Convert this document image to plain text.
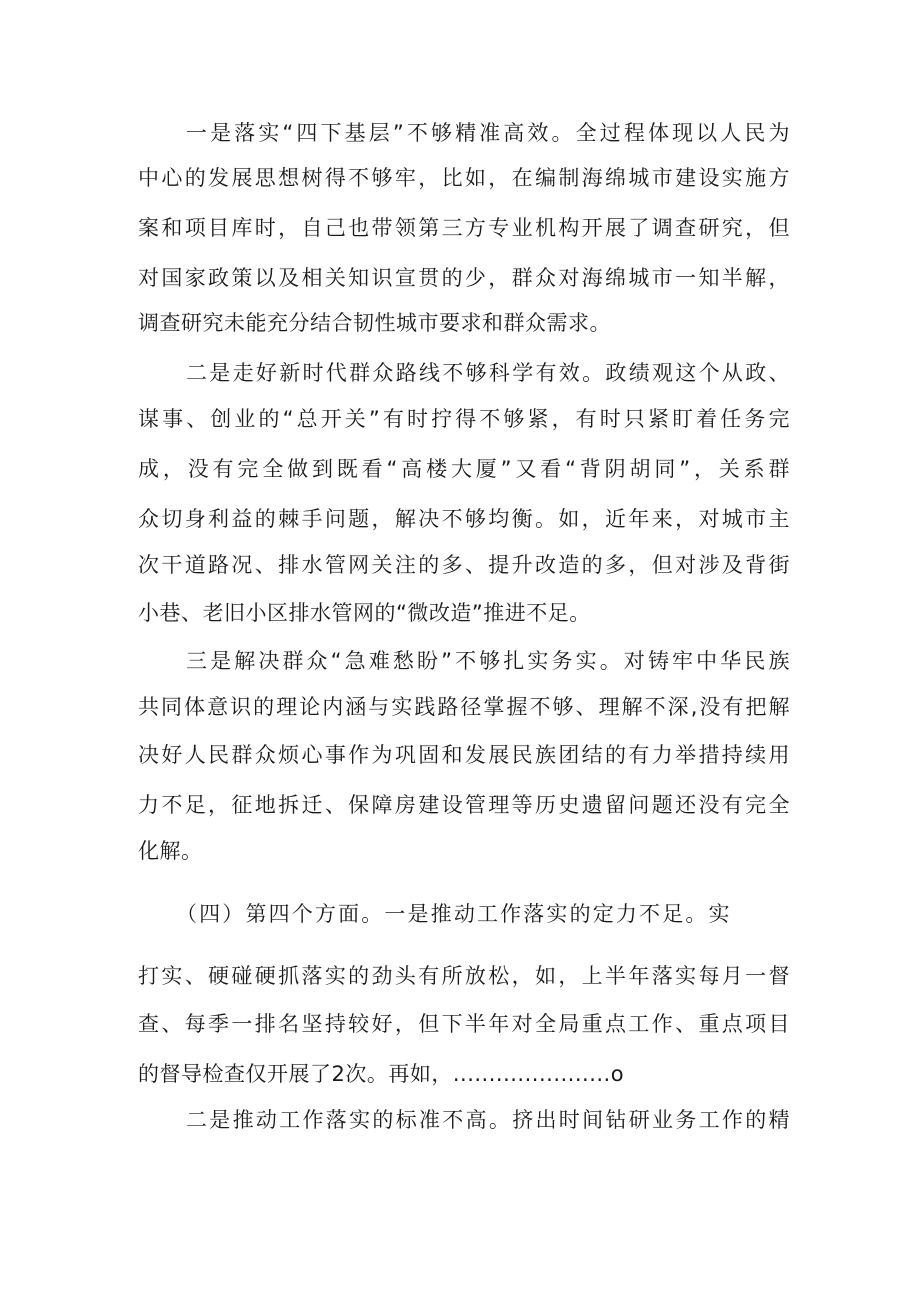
一是落实“四下基层”不够精准高效。全过程体现以人民为
中心的发展思想树得不够牢，比如，在编制海绵城市建设实施方
案和项目库时，自己也带领第三方专业机构开展了调查研究，但
对国家政策以及相关知识宣贯的少，群众对海绵城市一知半解，
调查研究未能充分结合韧性城市要求和群众需求。
二是走好新时代群众路线不够科学有效。政绩观这个从政、
谋事、创业的“总开关”有时拧得不够紧，有时只紧盯着任务完
成，没有完全做到既看“高楼大厦”又看“背阴胡同”，关系群
众切身利益的棘手问题，解决不够均衡。如，近年来，对城市主
次干道路况、排水管网关注的多、提升改造的多，但对涉及背街
小巷、老旧小区排水管网的“微改造”推进不足。
三是解决群众“急难愁盼”不够扎实务实。对铸牢中华民族
共同体意识的理论内涵与实践路径掌握不够、理解不深,没有把解
决好人民群众烦心事作为巩固和发展民族团结的有力举措持续用
力不足，征地拆迁、保障房建设管理等历史遗留问题还没有完全
化解。
（四）第四个方面。一是推动工作落实的定力不足。实
打实、硬碰硬抓落实的劲头有所放松，如，上半年落实每月一督
查、每季一排名坚持较好，但下半年对全局重点工作、重点项目
的督导检查仅开展了2次。再如，......................o
二是推动工作落实的标准不高。挤出时间钻研业务工作的精
